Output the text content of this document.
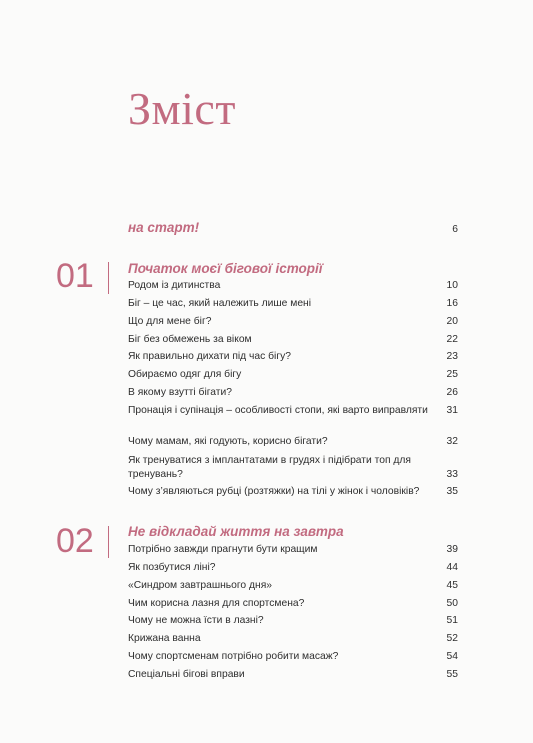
Зміст
на старт!	6
01	Початок моєї бігової історії
Родом із дитинства	10
Біг – це час, який належить лише мені	16
Що для мене біг?	20
Біг без обмежень за віком	22
Як правильно дихати під час бігу?	23
Обираємо одяг для бігу	25
В якому взутті бігати?	26
Пронація і супінація – особливості стопи, які варто виправляти	31
Чому мамам, які годують, корисно бігати?	32
Як тренуватися з імплантатами в грудях і підібрати топ для тренувань?	33
Чому з’являються рубці (розтяжки) на тілі у жінок і чоловіків?	35
02	Не відкладай життя на завтра
Потрібно завжди прагнути бути кращим	39
Як позбутися ліні?	44
«Синдром завтрашнього дня»	45
Чим корисна лазня для спортсмена?	50
Чому не можна їсти в лазні?	51
Крижана ванна	52
Чому спортсменам потрібно робити масаж?	54
Спеціальні бігові вправи	55
